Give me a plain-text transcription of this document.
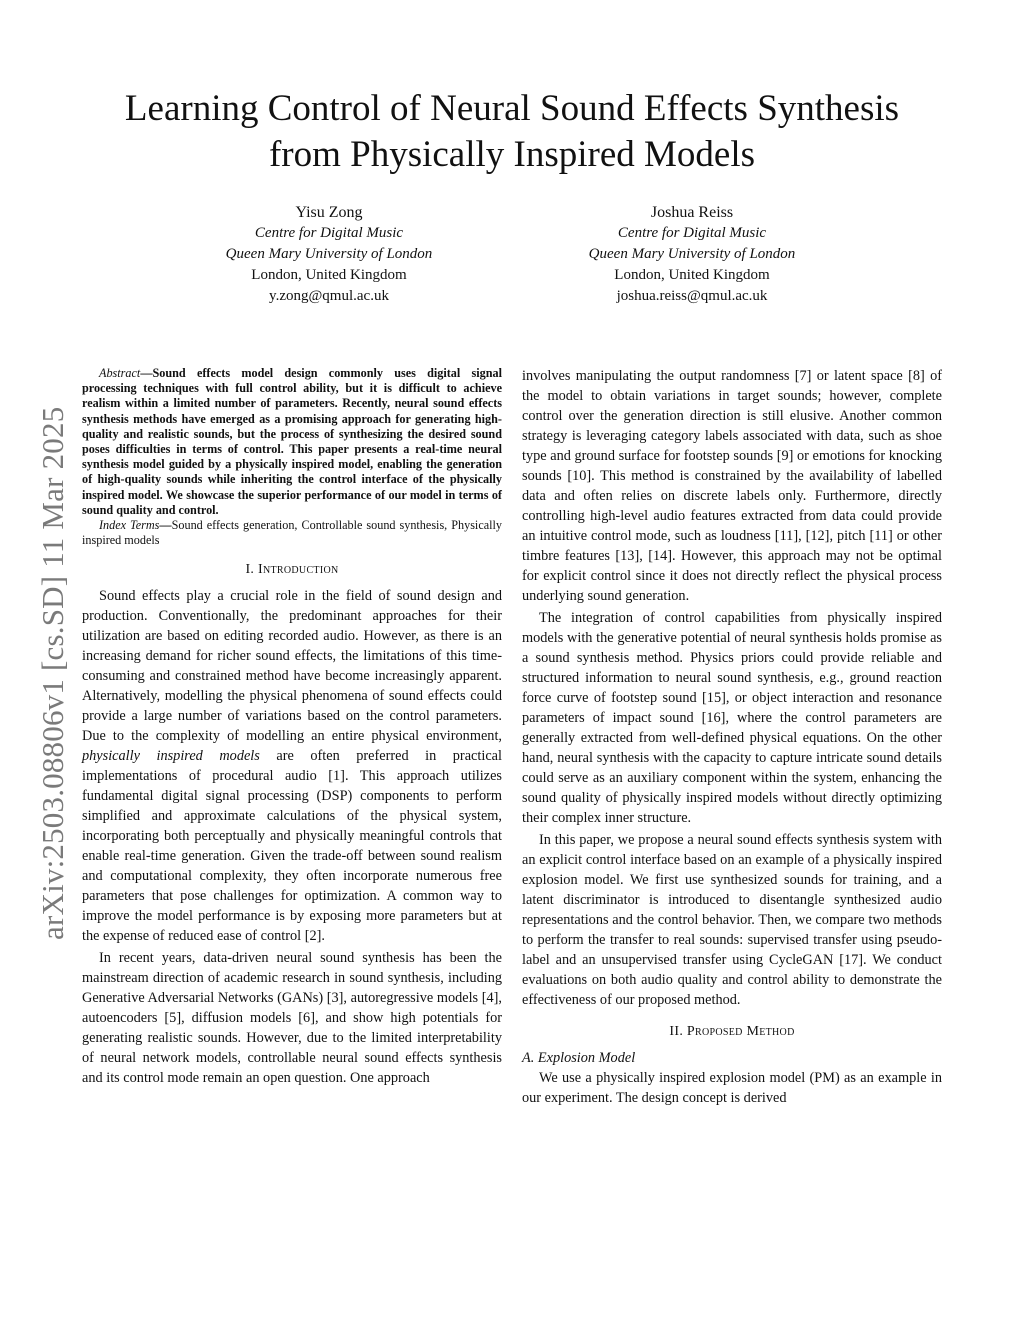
Learning Control of Neural Sound Effects Synthesis
from Physically Inspired Models
Yisu Zong
Centre for Digital Music
Queen Mary University of London
London, United Kingdom
y.zong@qmul.ac.uk
Joshua Reiss
Centre for Digital Music
Queen Mary University of London
London, United Kingdom
joshua.reiss@qmul.ac.uk
arXiv:2503.08806v1 [cs.SD] 11 Mar 2025

Abstract—Sound effects model design commonly uses digital signal processing techniques with full control ability, but it is difficult to achieve realism within a limited number of parameters. Recently, neural sound effects synthesis methods have emerged as a promising approach for generating high-quality and realistic sounds, but the process of synthesizing the desired sound poses difficulties in terms of control. This paper presents a real-time neural synthesis model guided by a physically inspired model, enabling the generation of high-quality sounds while inheriting the control interface of the physically inspired model. We showcase the superior performance of our model in terms of sound quality and control.

Index Terms—Sound effects generation, Controllable sound synthesis, Physically inspired models

I. Introduction

Sound effects play a crucial role in the field of sound design and production. Conventionally, the predominant approaches for their utilization are based on editing recorded audio. However, as there is an increasing demand for richer sound effects, the limitations of this time-consuming and constrained method have become increasingly apparent. Alternatively, modelling the physical phenomena of sound effects could provide a large number of variations based on the control parameters. Due to the complexity of modelling an entire physical environment, physically inspired models are often preferred in practical implementations of procedural audio [1]. This approach utilizes fundamental digital signal processing (DSP) components to perform simplified and approximate calculations of the physical system, incorporating both perceptually and physically meaningful controls that enable real-time generation. Given the trade-off between sound realism and computational complexity, they often incorporate numerous free parameters that pose challenges for optimization. A common way to improve the model performance is by exposing more parameters but at the expense of reduced ease of control [2].

In recent years, data-driven neural sound synthesis has been the mainstream direction of academic research in sound synthesis, including Generative Adversarial Networks (GANs) [3], autoregressive models [4], autoencoders [5], diffusion models [6], and show high potentials for generating realistic sounds. However, due to the limited interpretability of neural network models, controllable neural sound effects synthesis and its control mode remain an open question. One approach

involves manipulating the output randomness [7] or latent space [8] of the model to obtain variations in target sounds; however, complete control over the generation direction is still elusive. Another common strategy is leveraging category labels associated with data, such as shoe type and ground surface for footstep sounds [9] or emotions for knocking sounds [10]. This method is constrained by the availability of labelled data and often relies on discrete labels only. Furthermore, directly controlling high-level audio features extracted from data could provide an intuitive control mode, such as loudness [11], [12], pitch [11] or other timbre features [13], [14]. However, this approach may not be optimal for explicit control since it does not directly reflect the physical process underlying sound generation.

The integration of control capabilities from physically inspired models with the generative potential of neural synthesis holds promise as a sound synthesis method. Physics priors could provide reliable and structured information to neural sound synthesis, e.g., ground reaction force curve of footstep sound [15], or object interaction and resonance parameters of impact sound [16], where the control parameters are generally extracted from well-defined physical equations. On the other hand, neural synthesis with the capacity to capture intricate sound details could serve as an auxiliary component within the system, enhancing the sound quality of physically inspired models without directly optimizing their complex inner structure.

In this paper, we propose a neural sound effects synthesis system with an explicit control interface based on an example of a physically inspired explosion model. We first use synthesized sounds for training, and a latent discriminator is introduced to disentangle synthesized audio representations and the control behavior. Then, we compare two methods to perform the transfer to real sounds: supervised transfer using pseudo-label and an unsupervised transfer using CycleGAN [17]. We conduct evaluations on both audio quality and control ability to demonstrate the effectiveness of our proposed method.

II. Proposed Method

A. Explosion Model

We use a physically inspired explosion model (PM) as an example in our experiment. The design concept is derived
